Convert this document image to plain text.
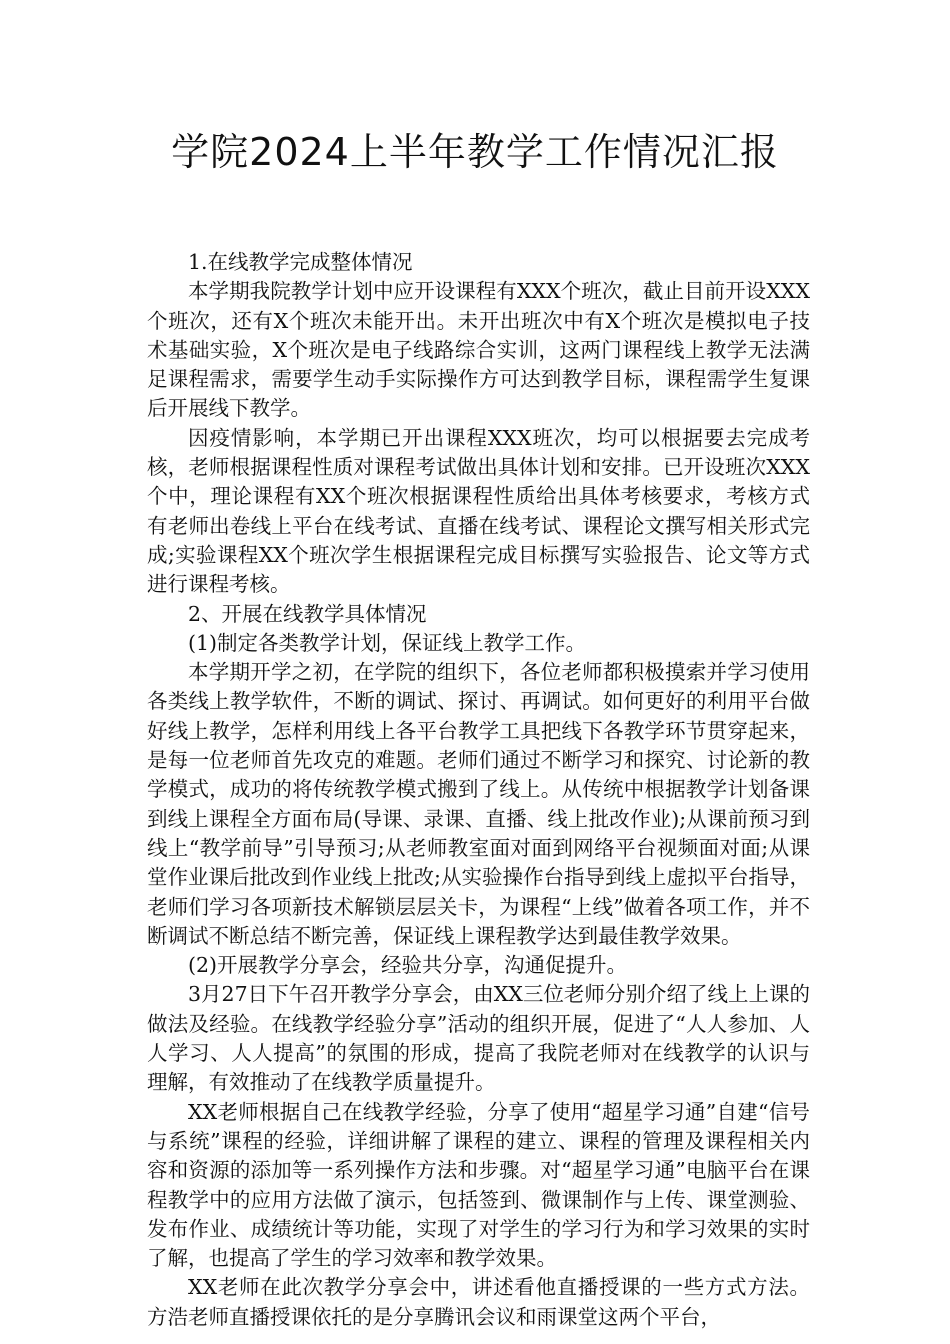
学院2024上半年教学工作情况汇报

1.在线教学完成整体情况

本学期我院教学计划中应开设课程有XXX个班次，截止目前开设XXX个班次，还有X个班次未能开出。未开出班次中有X个班次是模拟电子技术基础实验，X个班次是电子线路综合实训，这两门课程线上教学无法满足课程需求，需要学生动手实际操作方可达到教学目标，课程需学生复课后开展线下教学。

因疫情影响，本学期已开出课程XXX班次，均可以根据要去完成考核，老师根据课程性质对课程考试做出具体计划和安排。已开设班次XXX个中，理论课程有XX个班次根据课程性质给出具体考核要求，考核方式有老师出卷线上平台在线考试、直播在线考试、课程论文撰写相关形式完成;实验课程XX个班次学生根据课程完成目标撰写实验报告、论文等方式进行课程考核。

2、开展在线教学具体情况

(1)制定各类教学计划，保证线上教学工作。

本学期开学之初，在学院的组织下，各位老师都积极摸索并学习使用各类线上教学软件，不断的调试、探讨、再调试。如何更好的利用平台做好线上教学，怎样利用线上各平台教学工具把线下各教学环节贯穿起来，是每一位老师首先攻克的难题。老师们通过不断学习和探究、讨论新的教学模式，成功的将传统教学模式搬到了线上。从传统中根据教学计划备课到线上课程全方面布局(导课、录课、直播、线上批改作业);从课前预习到线上“教学前导”引导预习;从老师教室面对面到网络平台视频面对面;从课堂作业课后批改到作业线上批改;从实验操作台指导到线上虚拟平台指导，老师们学习各项新技术解锁层层关卡，为课程“上线”做着各项工作，并不断调试不断总结不断完善，保证线上课程教学达到最佳教学效果。

(2)开展教学分享会，经验共分享，沟通促提升。

3月27日下午召开教学分享会，由XX三位老师分别介绍了线上上课的做法及经验。在线教学经验分享”活动的组织开展，促进了“人人参加、人人学习、人人提高”的氛围的形成，提高了我院老师对在线教学的认识与理解，有效推动了在线教学质量提升。

XX老师根据自己在线教学经验，分享了使用“超星学习通”自建“信号与系统”课程的经验，详细讲解了课程的建立、课程的管理及课程相关内容和资源的添加等一系列操作方法和步骤。对“超星学习通”电脑平台在课程教学中的应用方法做了演示，包括签到、微课制作与上传、课堂测验、发布作业、成绩统计等功能，实现了对学生的学习行为和学习效果的实时了解，也提高了学生的学习效率和教学效果。

XX老师在此次教学分享会中，讲述看他直播授课的一些方式方法。方浩老师直播授课依托的是分享腾讯会议和雨课堂这两个平台，
